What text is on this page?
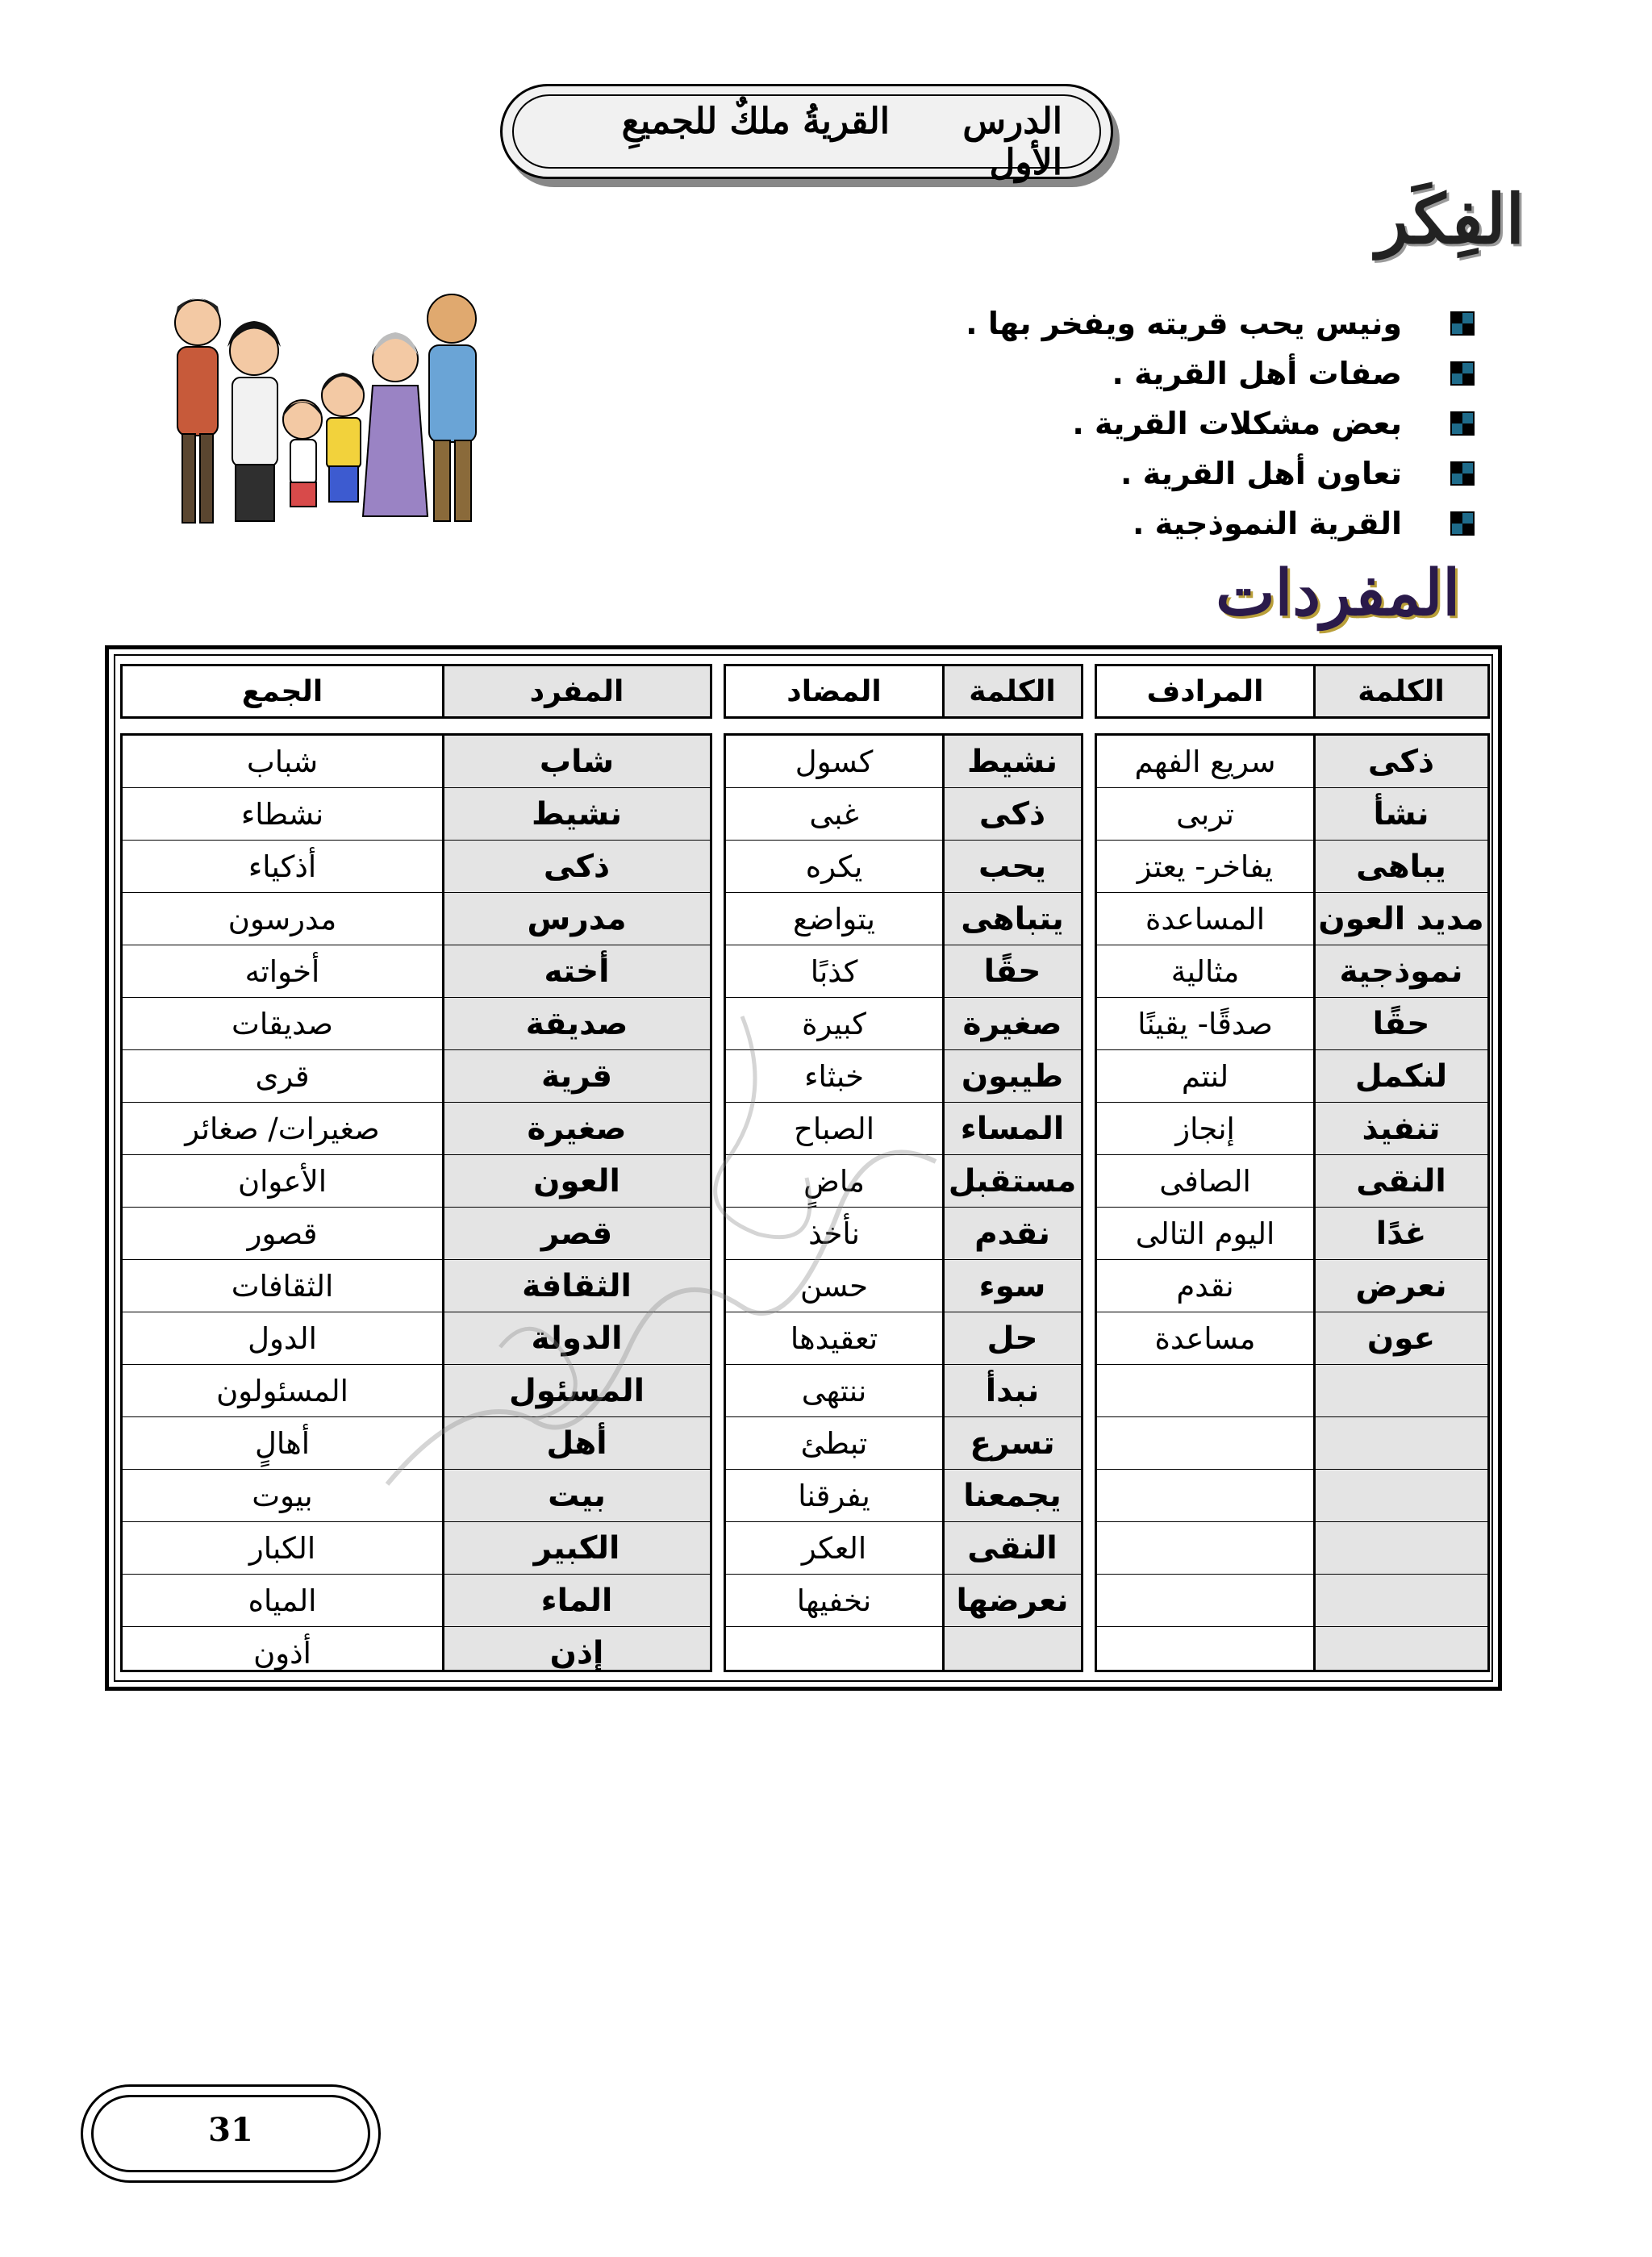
القريةُ ملكٌ للجميعِ	الدرس الأول
الفِكَر
ونيس يحب قريته ويفخر بها .
صفات أهل القرية .
بعض مشكلات القرية .
تعاون أهل القرية .
القرية النموذجية .
المفردات
الكلمة
المرادف
ذكى
سريع الفهم
نشأ
تربى
يباهى
يفاخر- يعتز
مديد العون
المساعدة
نموذجية
مثالية
حقًا
صدقًا- يقينًا
لنكمل
لنتم
تنفيذ
إنجاز
النقى
الصافى
غدًا
اليوم التالى
نعرض
نقدم
عون
مساعدة
الكلمة
المضاد
نشيط
كسول
ذكى
غبى
يحب
يكره
يتباهى
يتواضع
حقًا
كذبًا
صغيرة
كبيرة
طيبون
خبثاء
المساء
الصباح
مستقبل
ماضٍ
نقدم
نأخذ
سوء
حسن
حل
تعقيدها
نبدأ
ننتهى
تسرع
تبطئ
يجمعنا
يفرقنا
النقى
العكر
نعرضها
نخفيها
المفرد
الجمع
شاب
شباب
نشيط
نشطاء
ذكى
أذكياء
مدرس
مدرسون
أخته
أخواته
صديقة
صديقات
قرية
قرى
صغيرة
صغيرات/ صغائر
العون
الأعوان
قصر
قصور
الثقافة
الثقافات
الدولة
الدول
المسئول
المسئولون
أهل
أهالٍ
بيت
بيوت
الكبير
الكبار
الماء
المياه
إذن
أذون
31
